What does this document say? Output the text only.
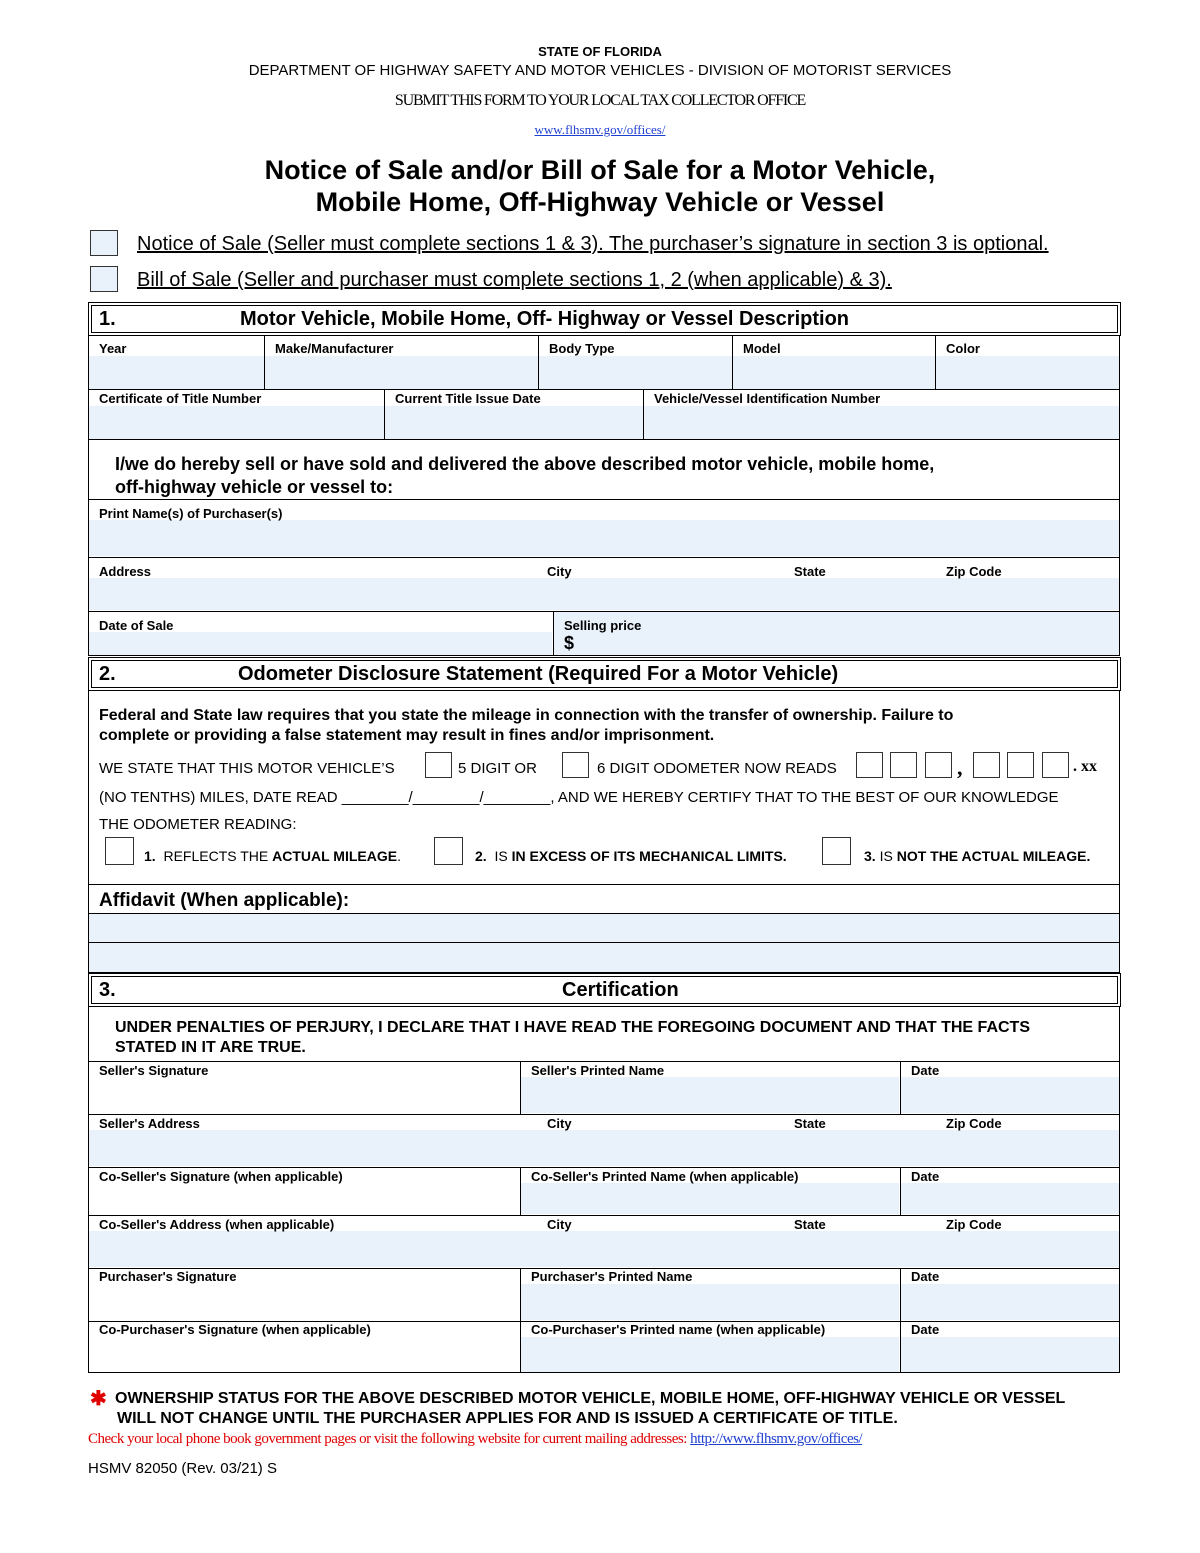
STATE OF FLORIDA
DEPARTMENT OF HIGHWAY SAFETY AND MOTOR VEHICLES - DIVISION OF MOTORIST SERVICES
SUBMIT THIS FORM TO YOUR LOCAL TAX COLLECTOR OFFICE
www.flhsmv.gov/offices/
Notice of Sale and/or Bill of Sale for a Motor Vehicle,
Mobile Home, Off-Highway Vehicle or Vessel
Notice of Sale (Seller must complete sections 1 & 3). The purchaser’s signature in section 3 is optional.
Bill of Sale (Seller and purchaser must complete sections 1, 2 (when applicable) & 3).
1.	Motor Vehicle, Mobile Home, Off- Highway or Vessel Description
Year	Make/Manufacturer	Body Type	Model	Color
Certificate of Title Number	Current Title Issue Date	Vehicle/Vessel Identification Number
I/we do hereby sell or have sold and delivered the above described motor vehicle, mobile home,
off-highway vehicle or vessel to:
Print Name(s) of Purchaser(s)
Address	City	State	Zip Code
Date of Sale	Selling price
$
2.	Odometer Disclosure Statement (Required For a Motor Vehicle)
Federal and State law requires that you state the mileage in connection with the transfer of ownership. Failure to
complete or providing a false statement may result in fines and/or imprisonment.
WE STATE THAT THIS MOTOR VEHICLE’S	5 DIGIT OR	6 DIGIT ODOMETER NOW READS	,	. xx
(NO TENTHS) MILES, DATE READ ________/________/________, AND WE HEREBY CERTIFY THAT TO THE BEST OF OUR KNOWLEDGE
THE ODOMETER READING:
1. REFLECTS THE ACTUAL MILEAGE.	2. IS IN EXCESS OF ITS MECHANICAL LIMITS.	3. IS NOT THE ACTUAL MILEAGE.
Affidavit (When applicable):
3.	Certification
UNDER PENALTIES OF PERJURY, I DECLARE THAT I HAVE READ THE FOREGOING DOCUMENT AND THAT THE FACTS
STATED IN IT ARE TRUE.
Seller's Signature	Seller's Printed Name	Date
Seller's Address	City	State	Zip Code
Co-Seller's Signature (when applicable)	Co-Seller's Printed Name (when applicable)	Date
Co-Seller's Address (when applicable)	City	State	Zip Code
Purchaser's Signature	Purchaser's Printed Name	Date
Co-Purchaser's Signature (when applicable)	Co-Purchaser's Printed name (when applicable)	Date
✱ OWNERSHIP STATUS FOR THE ABOVE DESCRIBED MOTOR VEHICLE, MOBILE HOME, OFF-HIGHWAY VEHICLE OR VESSEL
WILL NOT CHANGE UNTIL THE PURCHASER APPLIES FOR AND IS ISSUED A CERTIFICATE OF TITLE.
Check your local phone book government pages or visit the following website for current mailing addresses: http://www.flhsmv.gov/offices/
HSMV 82050 (Rev. 03/21) S
